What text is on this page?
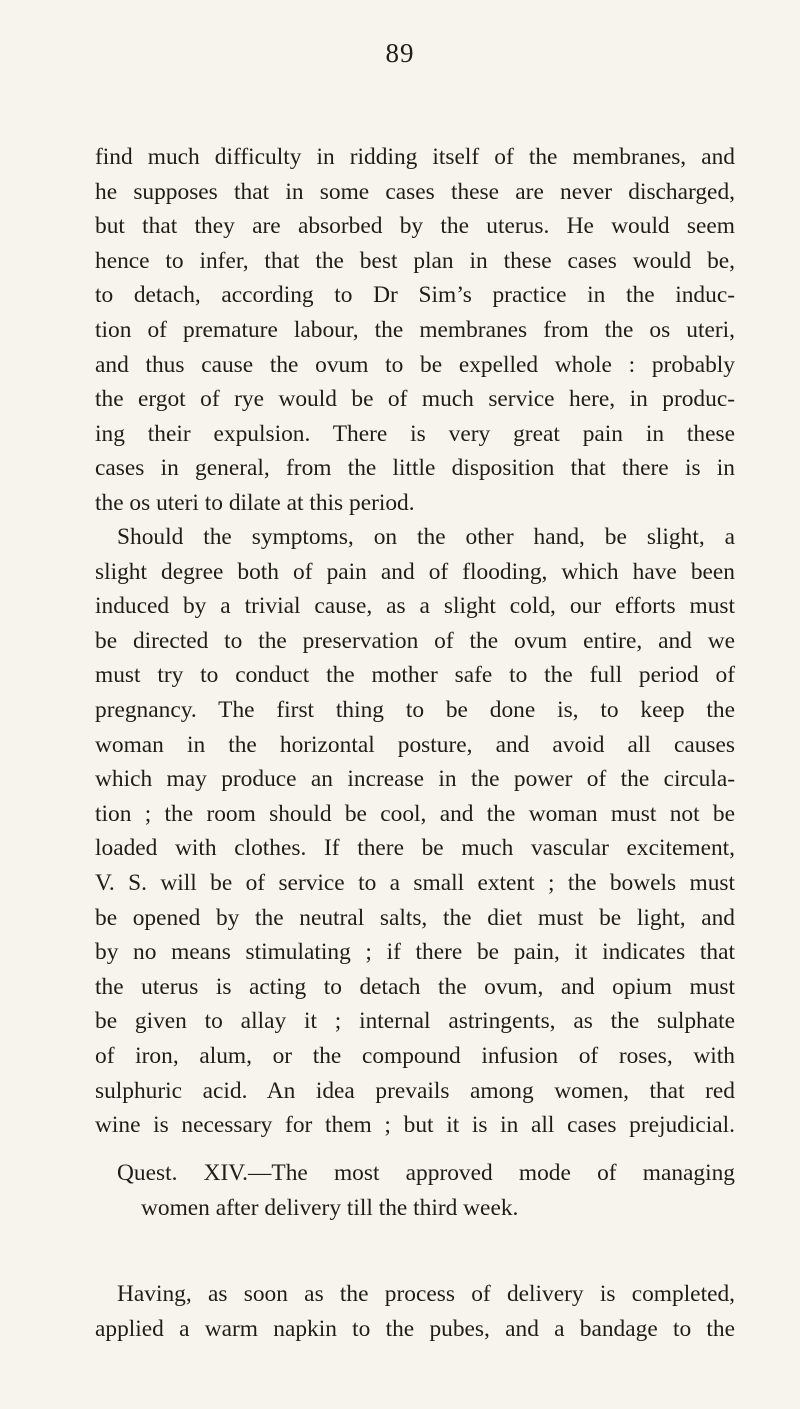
89
find much difficulty in ridding itself of the membranes, and
he supposes that in some cases these are never discharged,
but that they are absorbed by the uterus. He would seem
hence to infer, that the best plan in these cases would be,
to detach, according to Dr Sim’s practice in the induc-
tion of premature labour, the membranes from the os uteri,
and thus cause the ovum to be expelled whole : probably
the ergot of rye would be of much service here, in produc-
ing their expulsion. There is very great pain in these
cases in general, from the little disposition that there is in
the os uteri to dilate at this period.
Should the symptoms, on the other hand, be slight, a
slight degree both of pain and of flooding, which have been
induced by a trivial cause, as a slight cold, our efforts must
be directed to the preservation of the ovum entire, and we
must try to conduct the mother safe to the full period of
pregnancy. The first thing to be done is, to keep the
woman in the horizontal posture, and avoid all causes
which may produce an increase in the power of the circula-
tion ; the room should be cool, and the woman must not be
loaded with clothes. If there be much vascular excitement,
V. S. will be of service to a small extent ; the bowels must
be opened by the neutral salts, the diet must be light, and
by no means stimulating ; if there be pain, it indicates that
the uterus is acting to detach the ovum, and opium must
be given to allay it ; internal astringents, as the sulphate
of iron, alum, or the compound infusion of roses, with
sulphuric acid. An idea prevails among women, that red
wine is necessary for them ; but it is in all cases prejudicial.
Quest. XIV.—The most approved mode of managing
women after delivery till the third week.
Having, as soon as the process of delivery is completed,
applied a warm napkin to the pubes, and a bandage to the
